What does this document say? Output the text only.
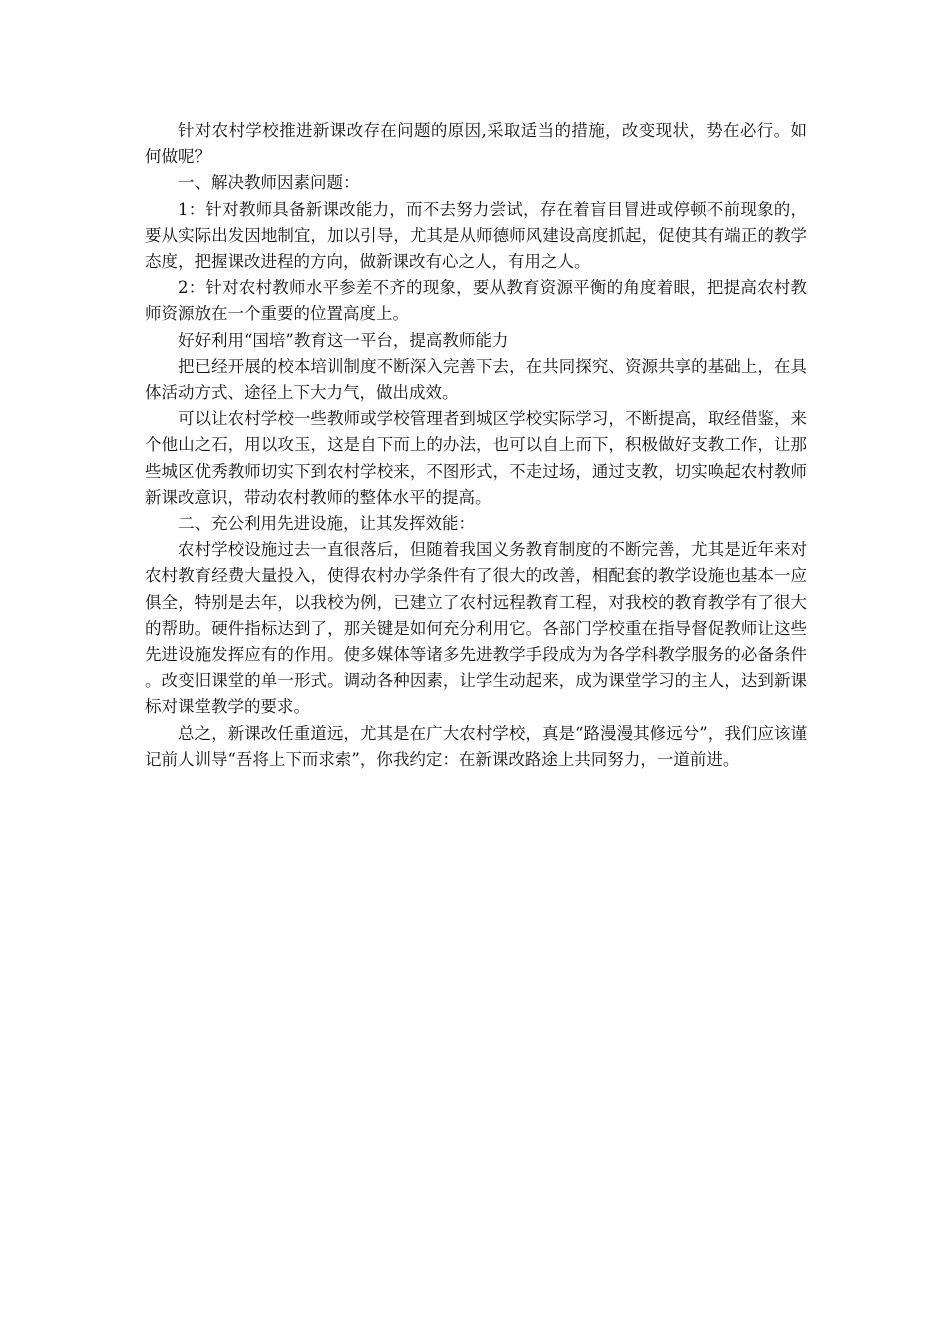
针对农村学校推进新课改存在问题的原因,采取适当的措施，改变现状，势在必行。如何做呢？

一、解决教师因素问题：

1：针对教师具备新课改能力，而不去努力尝试，存在着盲目冒进或停顿不前现象的，要从实际出发因地制宜，加以引导，尤其是从师德师风建设高度抓起，促使其有端正的教学态度，把握课改进程的方向，做新课改有心之人，有用之人。

2：针对农村教师水平参差不齐的现象，要从教育资源平衡的角度着眼，把提高农村教师资源放在一个重要的位置高度上。

好好利用“国培”教育这一平台，提高教师能力

把已经开展的校本培训制度不断深入完善下去，在共同探究、资源共享的基础上，在具体活动方式、途径上下大力气，做出成效。

可以让农村学校一些教师或学校管理者到城区学校实际学习，不断提高，取经借鉴，来个他山之石，用以攻玉，这是自下而上的办法，也可以自上而下，积极做好支教工作，让那些城区优秀教师切实下到农村学校来，不图形式，不走过场，通过支教，切实唤起农村教师新课改意识，带动农村教师的整体水平的提高。

二、充公利用先进设施，让其发挥效能：

农村学校设施过去一直很落后，但随着我国义务教育制度的不断完善，尤其是近年来对农村教育经费大量投入，使得农村办学条件有了很大的改善，相配套的教学设施也基本一应俱全，特别是去年，以我校为例，已建立了农村远程教育工程，对我校的教育教学有了很大的帮助。硬件指标达到了，那关键是如何充分利用它。各部门学校重在指导督促教师让这些先进设施发挥应有的作用。使多媒体等诸多先进教学手段成为为各学科教学服务的必备条件。改变旧课堂的单一形式。调动各种因素，让学生动起来，成为课堂学习的主人，达到新课标对课堂教学的要求。

总之，新课改任重道远，尤其是在广大农村学校，真是“路漫漫其修远兮”，我们应该谨记前人训导“吾将上下而求索”，你我约定：在新课改路途上共同努力，一道前进。
